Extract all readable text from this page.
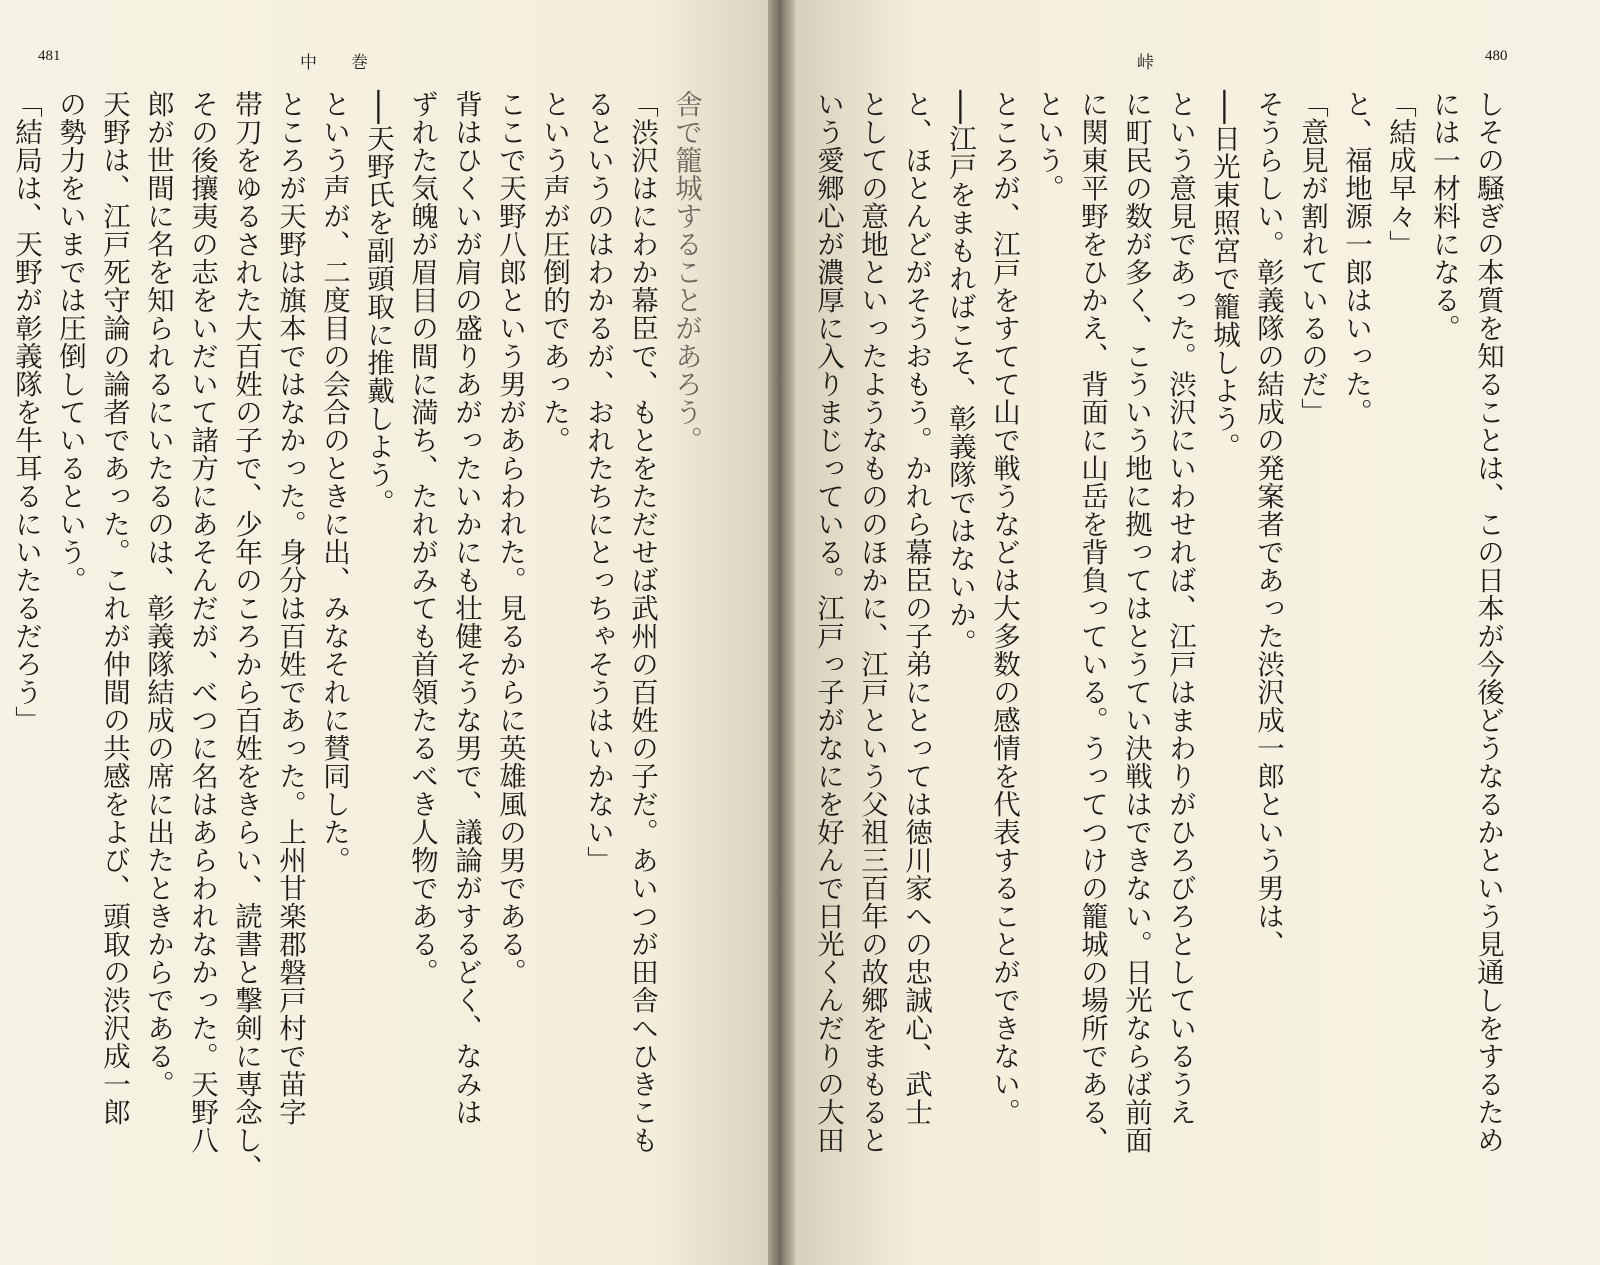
481	中　　巻
舎で籠城することがあろう。
「渋沢はにわか幕臣で、もとをただせば武州の百姓の子だ。あいつが田舎へひきこも
るというのはわかるが、おれたちにとっちゃそうはいかない」
という声が圧倒的であった。
ここで天野八郎という男があらわれた。見るからに英雄風の男である。
背はひくいが肩の盛りあがったいかにも壮健そうな男で、議論がするどく、なみは
ずれた気魄が眉目の間に満ち、たれがみても首領たるべき人物である。
──天野氏を副頭取に推戴しよう。
という声が、二度目の会合のときに出、みなそれに賛同した。
ところが天野は旗本ではなかった。身分は百姓であった。上州甘楽郡磐戸村で苗字
帯刀をゆるされた大百姓の子で、少年のころから百姓をきらい、読書と撃剣に専念し、
その後攘夷の志をいだいて諸方にあそんだが、べつに名はあらわれなかった。天野八
郎が世間に名を知られるにいたるのは、彰義隊結成の席に出たときからである。
天野は、江戸死守論の論者であった。これが仲間の共感をよび、頭取の渋沢成一郎
の勢力をいまでは圧倒しているという。
「結局は、天野が彰義隊を牛耳るにいたるだろう」
峠	480
しその騒ぎの本質を知ることは、この日本が今後どうなるかという見通しをするため
には一材料になる。
「結成早々」
と、福地源一郎はいった。
「意見が割れているのだ」
そうらしい。彰義隊の結成の発案者であった渋沢成一郎という男は、
──日光東照宮で籠城しよう。
という意見であった。渋沢にいわせれば、江戸はまわりがひろびろとしているうえ
に町民の数が多く、こういう地に拠ってはとうてい決戦はできない。日光ならば前面
に関東平野をひかえ、背面に山岳を背負っている。うってつけの籠城の場所である、
という。
ところが、江戸をすてて山で戦うなどは大多数の感情を代表することができない。
──江戸をまもればこそ、彰義隊ではないか。
と、ほとんどがそうおもう。かれら幕臣の子弟にとっては徳川家への忠誠心、武士
としての意地といったようなもののほかに、江戸という父祖三百年の故郷をまもると
いう愛郷心が濃厚に入りまじっている。江戸っ子がなにを好んで日光くんだりの大田
